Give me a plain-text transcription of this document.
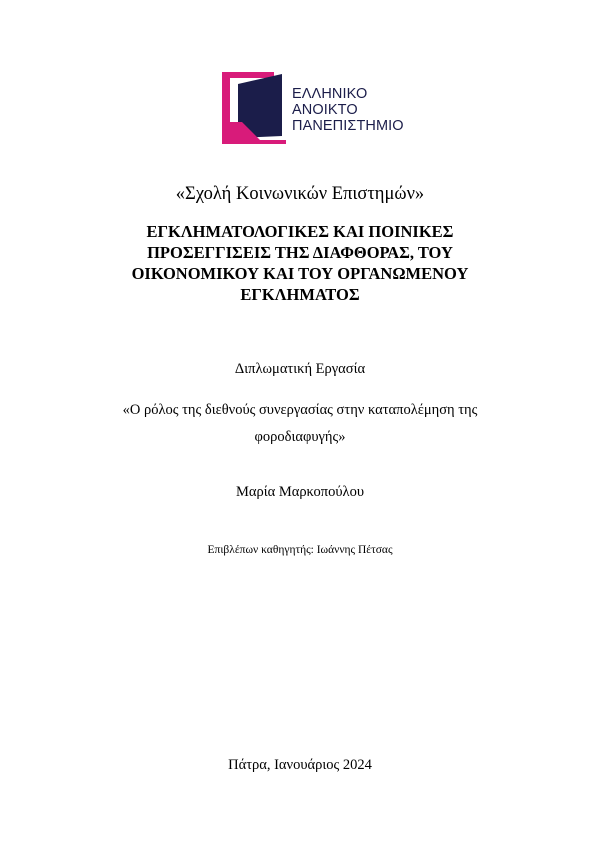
ΕΛΛΗΝΙΚΟ
ΑΝΟΙΚΤΟ
ΠΑΝΕΠΙΣΤΗΜΙΟ
«Σχολή Κοινωνικών Επιστημών»
ΕΓΚΛΗΜΑΤΟΛΟΓΙΚΕΣ ΚΑΙ ΠΟΙΝΙΚΕΣ
ΠΡΟΣΕΓΓΙΣΕΙΣ ΤΗΣ ΔΙΑΦΘΟΡΑΣ, ΤΟΥ
ΟΙΚΟΝΟΜΙΚΟΥ ΚΑΙ ΤΟΥ ΟΡΓΑΝΩΜΕΝΟΥ
ΕΓΚΛΗΜΑΤΟΣ
Διπλωματική Εργασία
«Ο ρόλος της διεθνούς συνεργασίας στην καταπολέμηση της
φοροδιαφυγής»
Μαρία Μαρκοπούλου
Επιβλέπων καθηγητής: Ιωάννης Πέτσας
Πάτρα, Ιανουάριος 2024
